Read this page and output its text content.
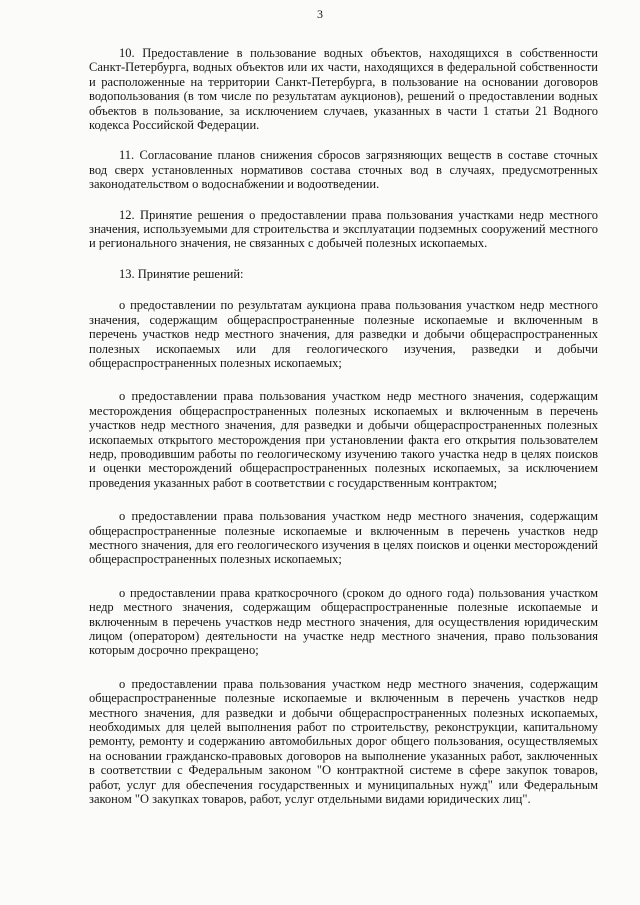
3

10. Предоставление в пользование водных объектов, находящихся в собственности Санкт-Петербурга, водных объектов или их части, находящихся в федеральной собственности и расположенные на территории Санкт-Петербурга, в пользование на основании договоров водопользования (в том числе по результатам аукционов), решений о предоставлении водных объектов в пользование, за исключением случаев, указанных в части 1 статьи 21 Водного кодекса Российской Федерации.

11. Согласование планов снижения сбросов загрязняющих веществ в составе сточных вод сверх установленных нормативов состава сточных вод в случаях, предусмотренных законодательством о водоснабжении и водоотведении.

12. Принятие решения о предоставлении права пользования участками недр местного значения, используемыми для строительства и эксплуатации подземных сооружений местного и регионального значения, не связанных с добычей полезных ископаемых.

13. Принятие решений:

о предоставлении по результатам аукциона права пользования участком недр местного значения, содержащим общераспространенные полезные ископаемые и включенным в перечень участков недр местного значения, для разведки и добычи общераспространенных полезных ископаемых или для геологического изучения, разведки и добычи общераспространенных полезных ископаемых;

о предоставлении права пользования участком недр местного значения, содержащим месторождения общераспространенных полезных ископаемых и включенным в перечень участков недр местного значения, для разведки и добычи общераспространенных полезных ископаемых открытого месторождения при установлении факта его открытия пользователем недр, проводившим работы по геологическому изучению такого участка недр в целях поисков и оценки месторождений общераспространенных полезных ископаемых, за исключением проведения указанных работ в соответствии с государственным контрактом;

о предоставлении права пользования участком недр местного значения, содержащим общераспространенные полезные ископаемые и включенным в перечень участков недр местного значения, для его геологического изучения в целях поисков и оценки месторождений общераспространенных полезных ископаемых;

о предоставлении права краткосрочного (сроком до одного года) пользования участком недр местного значения, содержащим общераспространенные полезные ископаемые и включенным в перечень участков недр местного значения, для осуществления юридическим лицом (оператором) деятельности на участке недр местного значения, право пользования которым досрочно прекращено;

о предоставлении права пользования участком недр местного значения, содержащим общераспространенные полезные ископаемые и включенным в перечень участков недр местного значения, для разведки и добычи общераспространенных полезных ископаемых, необходимых для целей выполнения работ по строительству, реконструкции, капитальному ремонту, ремонту и содержанию автомобильных дорог общего пользования, осуществляемых на основании гражданско-правовых договоров на выполнение указанных работ, заключенных в соответствии с Федеральным законом "О контрактной системе в сфере закупок товаров, работ, услуг для обеспечения государственных и муниципальных нужд" или Федеральным законом "О закупках товаров, работ, услуг отдельными видами юридических лиц".
